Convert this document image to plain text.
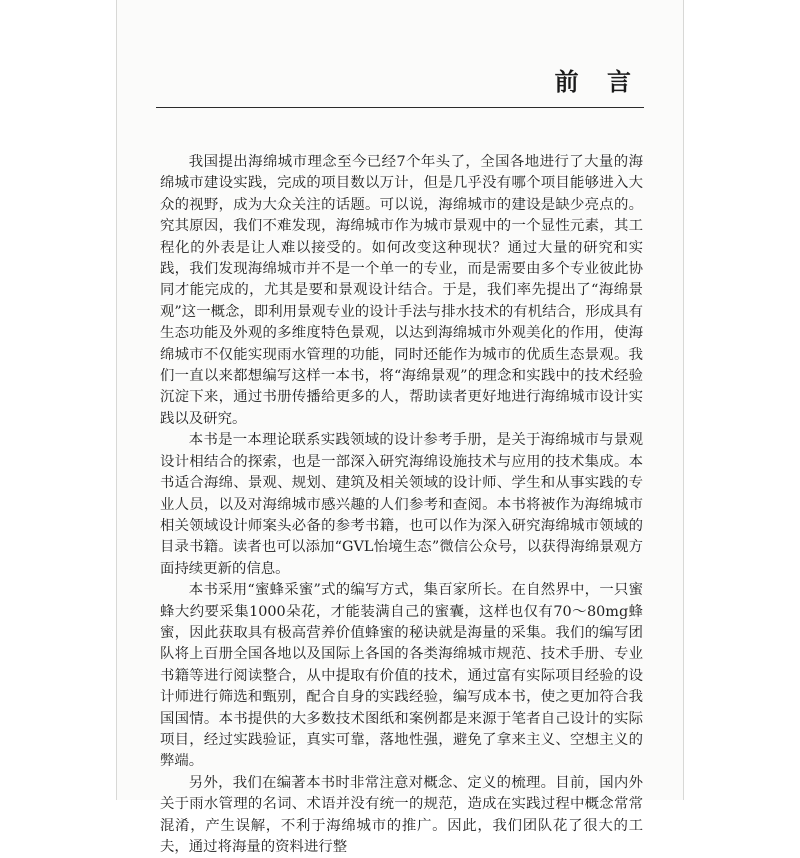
前 言

我国提出海绵城市理念至今已经7个年头了，全国各地进行了大量的海绵城市建设实践，完成的项目数以万计，但是几乎没有哪个项目能够进入大众的视野，成为大众关注的话题。可以说，海绵城市的建设是缺少亮点的。究其原因，我们不难发现，海绵城市作为城市景观中的一个显性元素，其工程化的外表是让人难以接受的。如何改变这种现状？通过大量的研究和实践，我们发现海绵城市并不是一个单一的专业，而是需要由多个专业彼此协同才能完成的，尤其是要和景观设计结合。于是，我们率先提出了“海绵景观”这一概念，即利用景观专业的设计手法与排水技术的有机结合，形成具有生态功能及外观的多维度特色景观，以达到海绵城市外观美化的作用，使海绵城市不仅能实现雨水管理的功能，同时还能作为城市的优质生态景观。我们一直以来都想编写这样一本书，将“海绵景观”的理念和实践中的技术经验沉淀下来，通过书册传播给更多的人，帮助读者更好地进行海绵城市设计实践以及研究。

本书是一本理论联系实践领域的设计参考手册，是关于海绵城市与景观设计相结合的探索，也是一部深入研究海绵设施技术与应用的技术集成。本书适合海绵、景观、规划、建筑及相关领域的设计师、学生和从事实践的专业人员，以及对海绵城市感兴趣的人们参考和查阅。本书将被作为海绵城市相关领域设计师案头必备的参考书籍，也可以作为深入研究海绵城市领域的目录书籍。读者也可以添加“GVL怡境生态”微信公众号，以获得海绵景观方面持续更新的信息。

本书采用“蜜蜂采蜜”式的编写方式，集百家所长。在自然界中，一只蜜蜂大约要采集1000朵花，才能装满自己的蜜囊，这样也仅有70～80mg蜂蜜，因此获取具有极高营养价值蜂蜜的秘诀就是海量的采集。我们的编写团队将上百册全国各地以及国际上各国的各类海绵城市规范、技术手册、专业书籍等进行阅读整合，从中提取有价值的技术，通过富有实际项目经验的设计师进行筛选和甄别，配合自身的实践经验，编写成本书，使之更加符合我国国情。本书提供的大多数技术图纸和案例都是来源于笔者自己设计的实际项目，经过实践验证，真实可靠，落地性强，避免了拿来主义、空想主义的弊端。

另外，我们在编著本书时非常注意对概念、定义的梳理。目前，国内外关于雨水管理的名词、术语并没有统一的规范，造成在实践过程中概念常常混淆，产生误解，不利于海绵城市的推广。因此，我们团队花了很大的工夫，通过将海量的资料进行整
